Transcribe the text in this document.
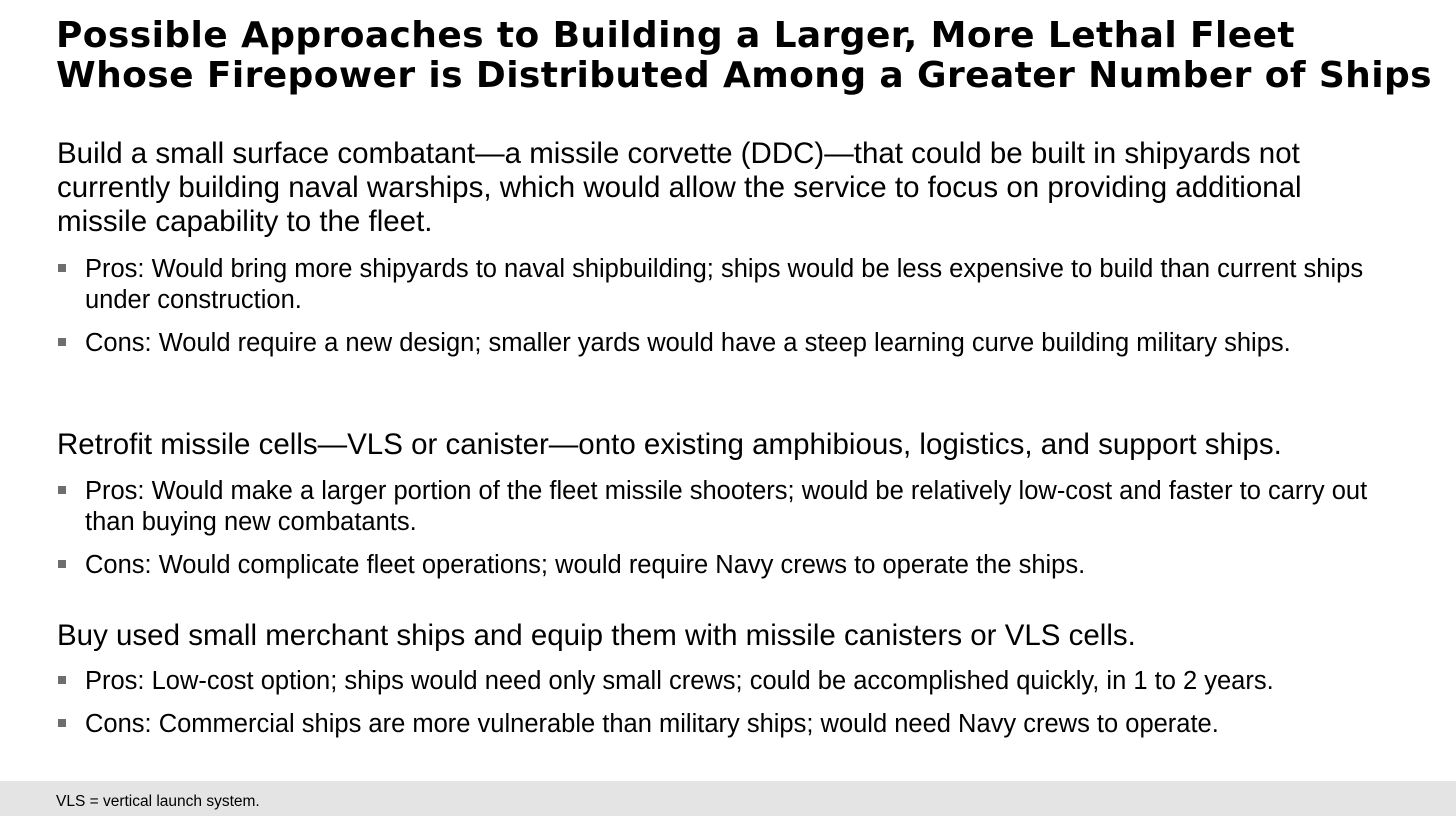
Possible Approaches to Building a Larger, More Lethal Fleet
Whose Firepower is Distributed Among a Greater Number of Ships

Build a small surface combatant—a missile corvette (DDC)—that could be built in shipyards not currently building naval warships, which would allow the service to focus on providing additional missile capability to the fleet.

Pros: Would bring more shipyards to naval shipbuilding; ships would be less expensive to build than current ships under construction.
Cons: Would require a new design; smaller yards would have a steep learning curve building military ships.

Retrofit missile cells—VLS or canister—onto existing amphibious, logistics, and support ships.

Pros: Would make a larger portion of the fleet missile shooters; would be relatively low-cost and faster to carry out than buying new combatants.
Cons: Would complicate fleet operations; would require Navy crews to operate the ships.

Buy used small merchant ships and equip them with missile canisters or VLS cells.

Pros: Low-cost option; ships would need only small crews; could be accomplished quickly, in 1 to 2 years.
Cons: Commercial ships are more vulnerable than military ships; would need Navy crews to operate.
VLS = vertical launch system.
